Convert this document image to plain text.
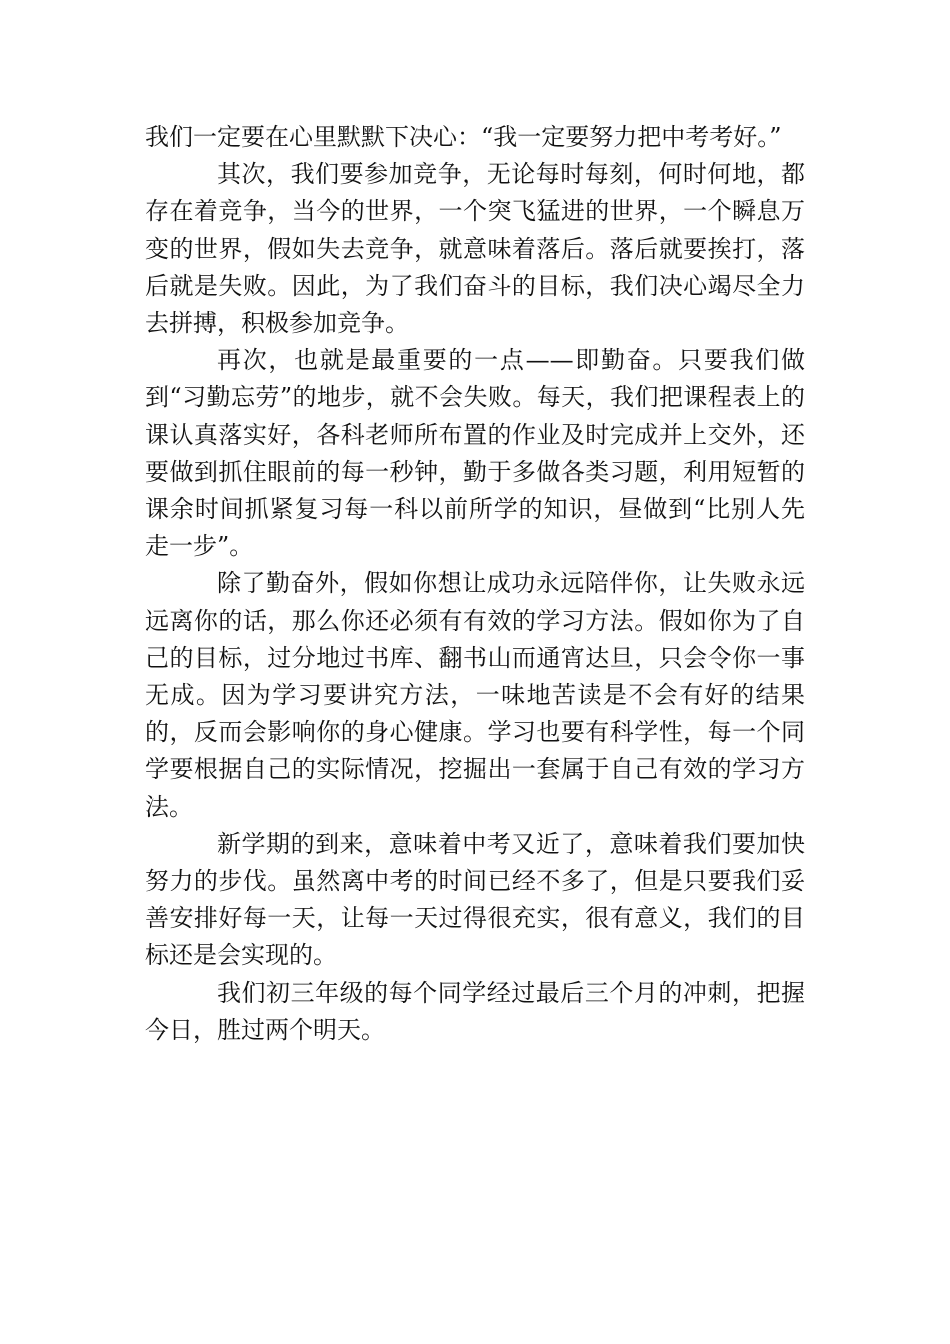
我们一定要在心里默默下决心：“我一定要努力把中考考好。”

其次，我们要参加竞争，无论每时每刻，何时何地，都存在着竞争，当今的世界，一个突飞猛进的世界，一个瞬息万变的世界，假如失去竞争，就意味着落后。落后就要挨打，落后就是失败。因此，为了我们奋斗的目标，我们决心竭尽全力去拼搏，积极参加竞争。

再次，也就是最重要的一点——即勤奋。只要我们做到“习勤忘劳”的地步，就不会失败。每天，我们把课程表上的课认真落实好，各科老师所布置的作业及时完成并上交外，还要做到抓住眼前的每一秒钟，勤于多做各类习题，利用短暂的课余时间抓紧复习每一科以前所学的知识，昼做到“比别人先走一步”。

除了勤奋外，假如你想让成功永远陪伴你，让失败永远远离你的话，那么你还必须有有效的学习方法。假如你为了自己的目标，过分地过书库、翻书山而通宵达旦，只会令你一事无成。因为学习要讲究方法，一味地苦读是不会有好的结果的，反而会影响你的身心健康。学习也要有科学性，每一个同学要根据自己的实际情况，挖掘出一套属于自己有效的学习方法。

新学期的到来，意味着中考又近了，意味着我们要加快努力的步伐。虽然离中考的时间已经不多了，但是只要我们妥善安排好每一天，让每一天过得很充实，很有意义，我们的目标还是会实现的。

我们初三年级的每个同学经过最后三个月的冲刺，把握今日，胜过两个明天。
